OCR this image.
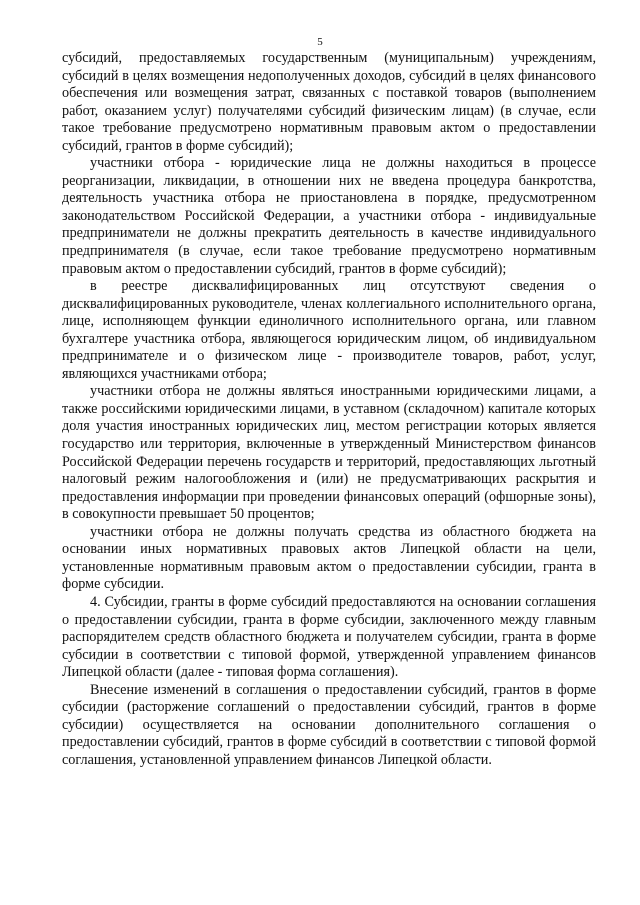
5

субсидий, предоставляемых государственным (муниципальным) учреждениям, субсидий в целях возмещения недополученных доходов, субсидий в целях финансового обеспечения или возмещения затрат, связанных с поставкой товаров (выполнением работ, оказанием услуг) получателями субсидий физическим лицам) (в случае, если такое требование предусмотрено нормативным правовым актом о предоставлении субсидий, грантов в форме субсидий);

участники отбора - юридические лица не должны находиться в процессе реорганизации, ликвидации, в отношении них не введена процедура банкротства, деятельность участника отбора не приостановлена в порядке, предусмотренном законодательством Российской Федерации, а участники отбора - индивидуальные предприниматели не должны прекратить деятельность в качестве индивидуального предпринимателя (в случае, если такое требование предусмотрено нормативным правовым актом о предоставлении субсидий, грантов в форме субсидий);

в реестре дисквалифицированных лиц отсутствуют сведения о дисквалифицированных руководителе, членах коллегиального исполнительного органа, лице, исполняющем функции единоличного исполнительного органа, или главном бухгалтере участника отбора, являющегося юридическим лицом, об индивидуальном предпринимателе и о физическом лице - производителе товаров, работ, услуг, являющихся участниками отбора;

участники отбора не должны являться иностранными юридическими лицами, а также российскими юридическими лицами, в уставном (складочном) капитале которых доля участия иностранных юридических лиц, местом регистрации которых является государство или территория, включенные в утвержденный Министерством финансов Российской Федерации перечень государств и территорий, предоставляющих льготный налоговый режим налогообложения и (или) не предусматривающих раскрытия и предоставления информации при проведении финансовых операций (офшорные зоны), в совокупности превышает 50 процентов;

участники отбора не должны получать средства из областного бюджета на основании иных нормативных правовых актов Липецкой области на цели, установленные нормативным правовым актом о предоставлении субсидии, гранта в форме субсидии.

4. Субсидии, гранты в форме субсидий предоставляются на основании соглашения о предоставлении субсидии, гранта в форме субсидии, заключенного между главным распорядителем средств областного бюджета и получателем субсидии, гранта в форме субсидии в соответствии с типовой формой, утвержденной управлением финансов Липецкой области (далее - типовая форма соглашения).

Внесение изменений в соглашения о предоставлении субсидий, грантов в форме субсидии (расторжение соглашений о предоставлении субсидий, грантов в форме субсидии) осуществляется на основании дополнительного соглашения о предоставлении субсидий, грантов в форме субсидий в соответствии с типовой формой соглашения, установленной управлением финансов Липецкой области.
